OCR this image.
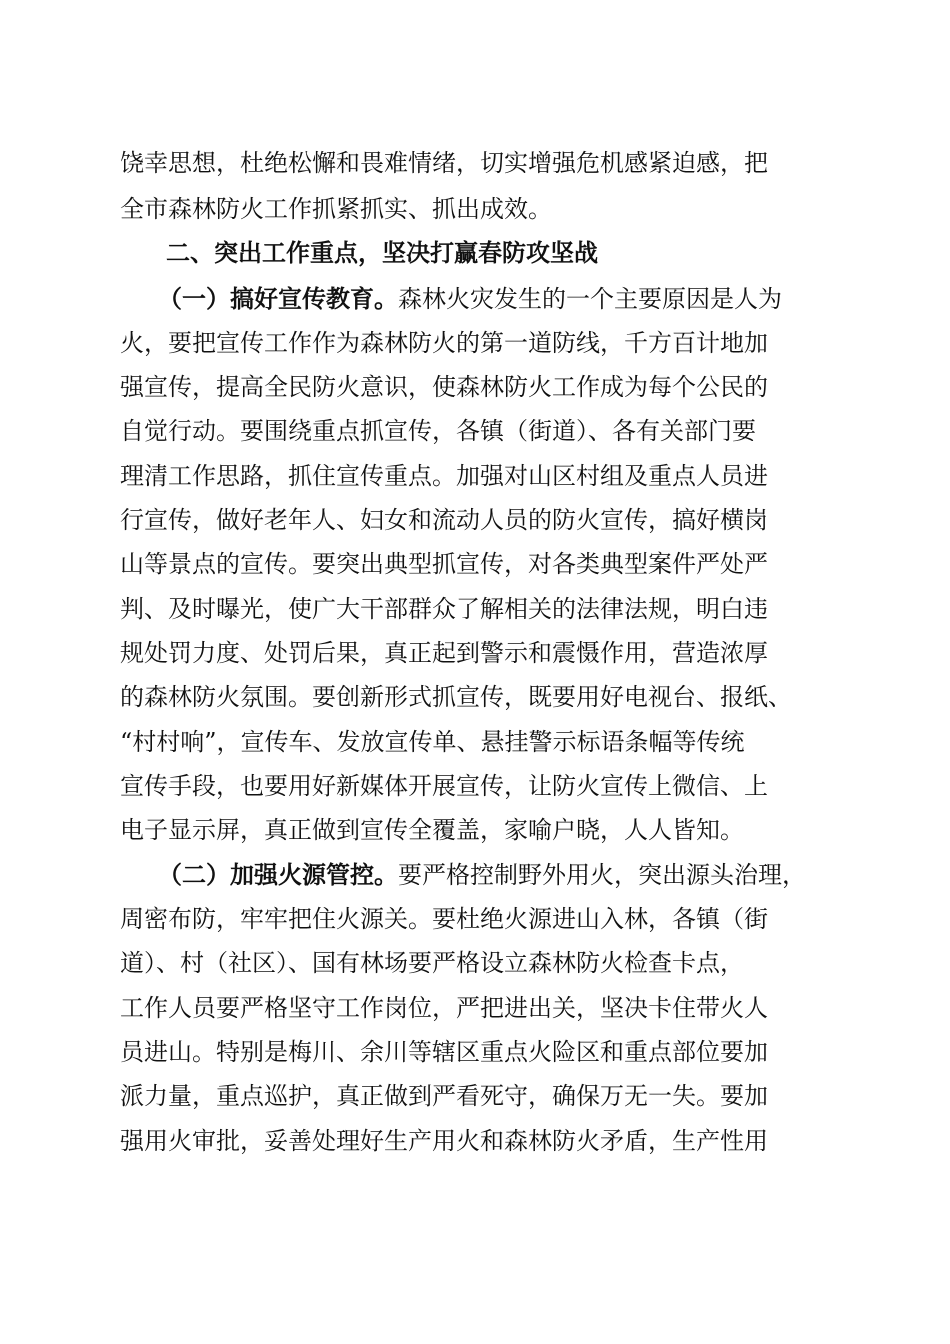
饶幸思想，杜绝松懈和畏难情绪，切实增强危机感紧迫感，把
全市森林防火工作抓紧抓实、抓出成效。
二、突出工作重点，坚决打赢春防攻坚战
（一）搞好宣传教育。森林火灾发生的一个主要原因是人为
火，要把宣传工作作为森林防火的第一道防线，千方百计地加
强宣传，提高全民防火意识，使森林防火工作成为每个公民的
自觉行动。要围绕重点抓宣传，各镇（街道）、各有关部门要
理清工作思路，抓住宣传重点。加强对山区村组及重点人员进
行宣传，做好老年人、妇女和流动人员的防火宣传，搞好横岗
山等景点的宣传。要突出典型抓宣传，对各类典型案件严处严
判、及时曝光，使广大干部群众了解相关的法律法规，明白违
规处罚力度、处罚后果，真正起到警示和震慑作用，营造浓厚
的森林防火氛围。要创新形式抓宣传，既要用好电视台、报纸、
“村村响”，宣传车、发放宣传单、悬挂警示标语条幅等传统
宣传手段，也要用好新媒体开展宣传，让防火宣传上微信、上
电子显示屏，真正做到宣传全覆盖，家喻户晓，人人皆知。
（二）加强火源管控。要严格控制野外用火，突出源头治理，
周密布防，牢牢把住火源关。要杜绝火源进山入林，各镇（街
道）、村（社区）、国有林场要严格设立森林防火检查卡点，
工作人员要严格坚守工作岗位，严把进出关，坚决卡住带火人
员进山。特别是梅川、余川等辖区重点火险区和重点部位要加
派力量，重点巡护，真正做到严看死守，确保万无一失。要加
强用火审批，妥善处理好生产用火和森林防火矛盾，生产性用
